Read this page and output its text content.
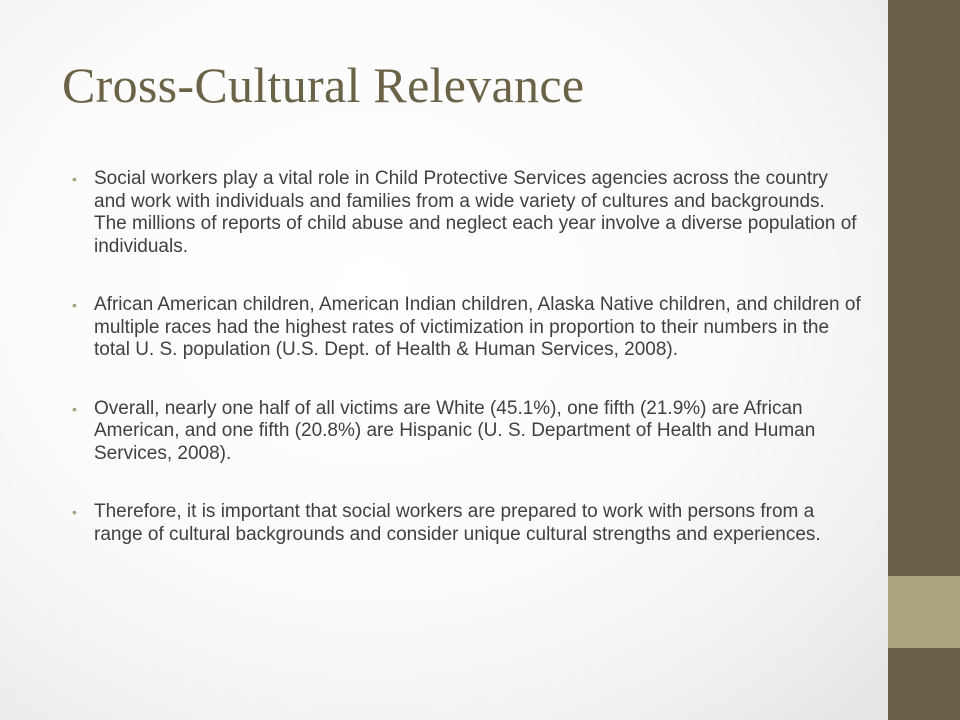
Cross-Cultural Relevance
• Social workers play a vital role in Child Protective Services agencies across the country and work with individuals and families from a wide variety of cultures and backgrounds. The millions of reports of child abuse and neglect each year involve a diverse population of individuals.
• African American children, American Indian children, Alaska Native children, and children of multiple races had the highest rates of victimization in proportion to their numbers in the total U. S. population (U.S. Dept. of Health & Human Services, 2008).
• Overall, nearly one half of all victims are White (45.1%), one fifth (21.9%) are African American, and one fifth (20.8%) are Hispanic (U. S. Department of Health and Human Services, 2008).
• Therefore, it is important that social workers are prepared to work with persons from a range of cultural backgrounds and consider unique cultural strengths and experiences.
